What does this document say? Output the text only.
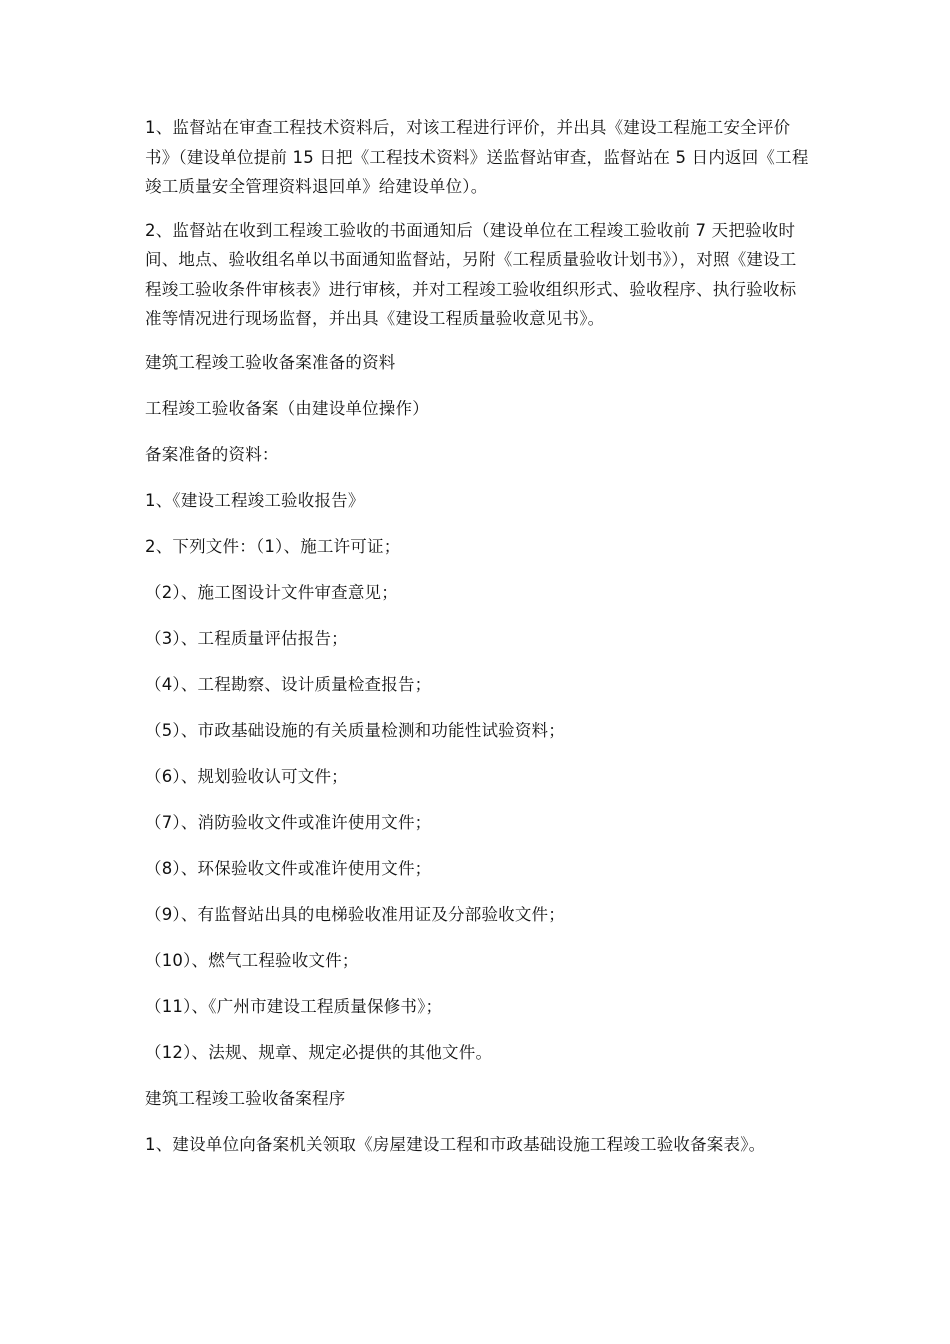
1、监督站在审查工程技术资料后，对该工程进行评价，并出具《建设工程施工安全评价书》（建设单位提前 15 日把《工程技术资料》送监督站审查，监督站在 5 日内返回《工程竣工质量安全管理资料退回单》给建设单位）。

2、监督站在收到工程竣工验收的书面通知后（建设单位在工程竣工验收前 7 天把验收时间、地点、验收组名单以书面通知监督站，另附《工程质量验收计划书》），对照《建设工程竣工验收条件审核表》进行审核，并对工程竣工验收组织形式、验收程序、执行验收标准等情况进行现场监督，并出具《建设工程质量验收意见书》。

建筑工程竣工验收备案准备的资料

工程竣工验收备案（由建设单位操作）

备案准备的资料：

1、《建设工程竣工验收报告》

2、下列文件：（1）、施工许可证；

（2）、施工图设计文件审查意见；

（3）、工程质量评估报告；

（4）、工程勘察、设计质量检查报告；

（5）、市政基础设施的有关质量检测和功能性试验资料；

（6）、规划验收认可文件；

（7）、消防验收文件或准许使用文件；

（8）、环保验收文件或准许使用文件；

（9）、有监督站出具的电梯验收准用证及分部验收文件；

（10）、燃气工程验收文件；

（11）、《广州市建设工程质量保修书》；

（12）、法规、规章、规定必提供的其他文件。

建筑工程竣工验收备案程序

1、建设单位向备案机关领取《房屋建设工程和市政基础设施工程竣工验收备案表》。
